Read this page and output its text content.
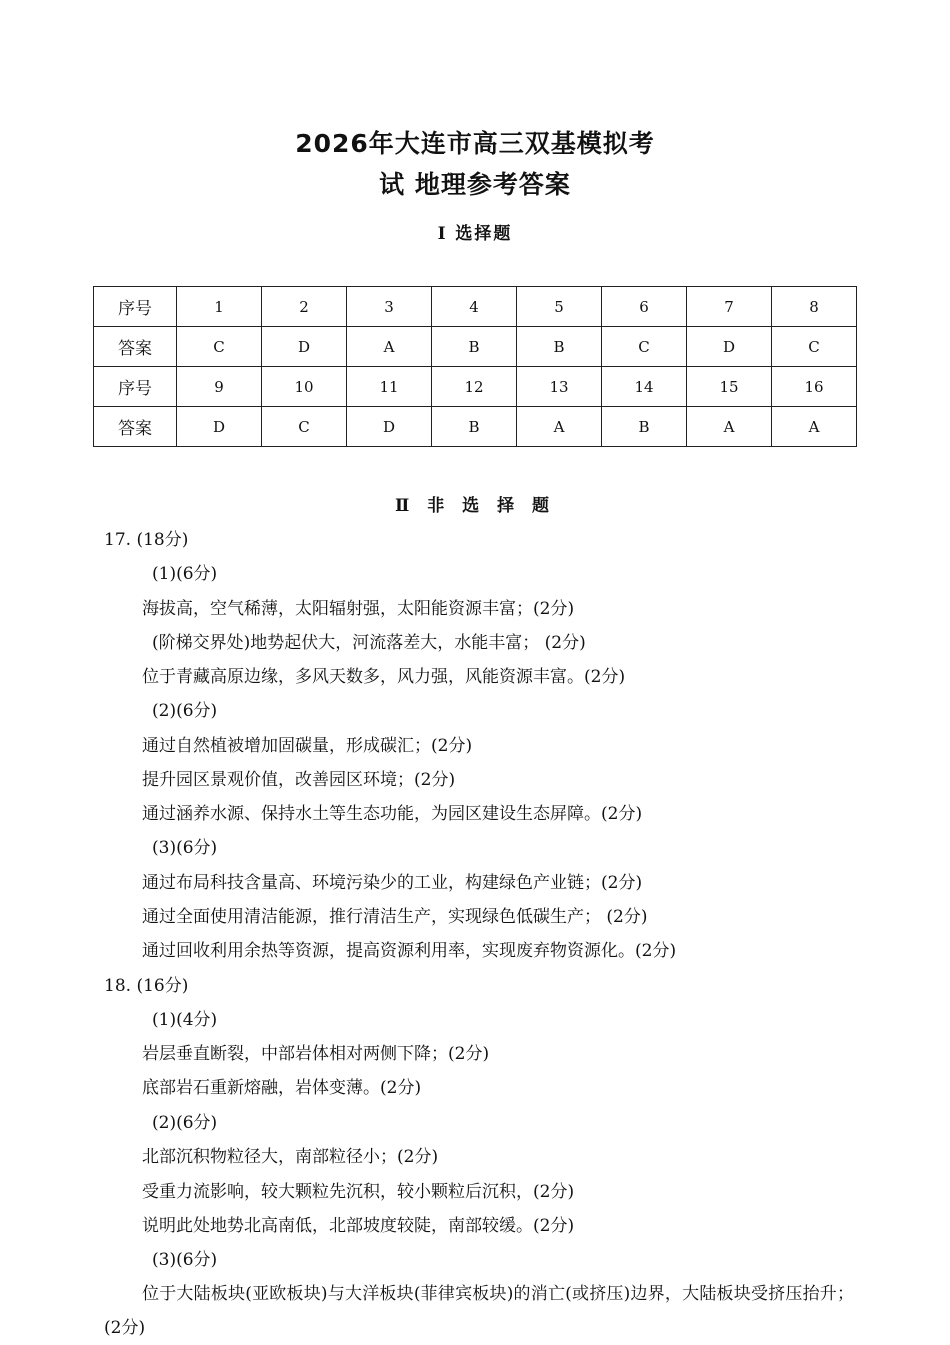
2026年大连市高三双基模拟考
试 地理参考答案
I 选择题
序号	1	2	3	4	5	6	7	8
答案	C	D	A	B	B	C	D	C
序号	9	10	11	12	13	14	15	16
答案	D	C	D	B	A	B	A	A
Ⅱ 非 选 择 题
17. (18分)
(1)(6分)
海拔高，空气稀薄，太阳辐射强，太阳能资源丰富；(2分)
(阶梯交界处)地势起伏大，河流落差大，水能丰富； (2分)
位于青藏高原边缘，多风天数多，风力强，风能资源丰富。(2分)
(2)(6分)
通过自然植被增加固碳量，形成碳汇；(2分)
提升园区景观价值，改善园区环境；(2分)
通过涵养水源、保持水土等生态功能，为园区建设生态屏障。(2分)
(3)(6分)
通过布局科技含量高、环境污染少的工业，构建绿色产业链；(2分)
通过全面使用清洁能源，推行清洁生产，实现绿色低碳生产； (2分)
通过回收利用余热等资源，提高资源利用率，实现废弃物资源化。(2分)
18. (16分)
(1)(4分)
岩层垂直断裂，中部岩体相对两侧下降；(2分)
底部岩石重新熔融，岩体变薄。(2分)
(2)(6分)
北部沉积物粒径大，南部粒径小；(2分)
受重力流影响，较大颗粒先沉积，较小颗粒后沉积，(2分)
说明此处地势北高南低，北部坡度较陡，南部较缓。(2分)
(3)(6分)
位于大陆板块(亚欧板块)与大洋板块(菲律宾板块)的消亡(或挤压)边界，大陆板块受挤压抬升；(2分)
